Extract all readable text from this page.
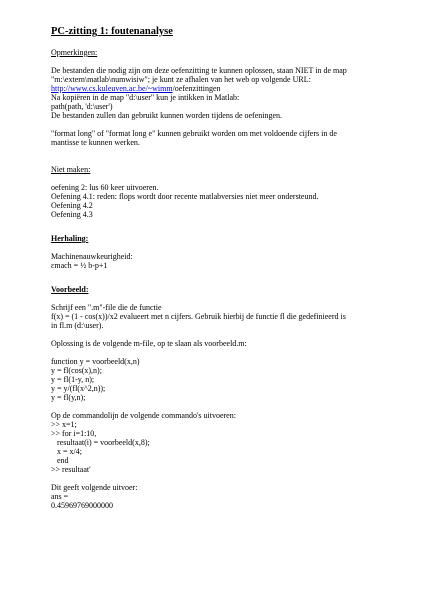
PC-zitting 1: foutenanalyse
Opmerkingen:
De bestanden die nodig zijn om deze oefenzitting te kunnen oplossen, staan NIET in de map
"m:\extern\matlab\numwisiw"; je kunt ze afhalen van het web op volgende URL:
http://www.cs.kuleuven.ac.be/~wimm/oefenzittingen
Na kopiëren in de map "d:\user" kun je intikken in Matlab:
path(path, 'd:\user')
De bestanden zullen dan gebruikt kunnen worden tijdens de oefeningen.
"format long" of "format long e" kunnen gebruikt worden om met voldoende cijfers in de
mantisse te kunnen werken.
Niet maken:
oefening 2: lus 60 keer uitvoeren.
Oefening 4.1: reden: flops wordt door recente matlabversies niet meer ondersteund.
Oefening 4.2
Oefening 4.3
Herhaling:
Machinenauwkeurigheid:
εmach = ½ b-p+1
Voorbeeld:
Schrijf een ".m"-file die de functie
f(x) = (1 - cos(x))/x2 evalueert met n cijfers. Gebruik hierbij de functie fl die gedefinieerd is
in fl.m (d:\user).
Oplossing is de volgende m-file, op te slaan als voorbeeld.m:
function y = voorbeeld(x,n)
y = fl(cos(x),n);
y = fl(1-y, n);
y = y/(fl(x^2,n));
y = fl(y,n);
Op de commandolijn de volgende commando's uitvoeren:
>> x=1;
>> for i=1:10,
resultaat(i) = voorbeeld(x,8);
x = x/4;
end
>> resultaat'
Dit geeft volgende uitvoer:
ans =
0.45969769000000
